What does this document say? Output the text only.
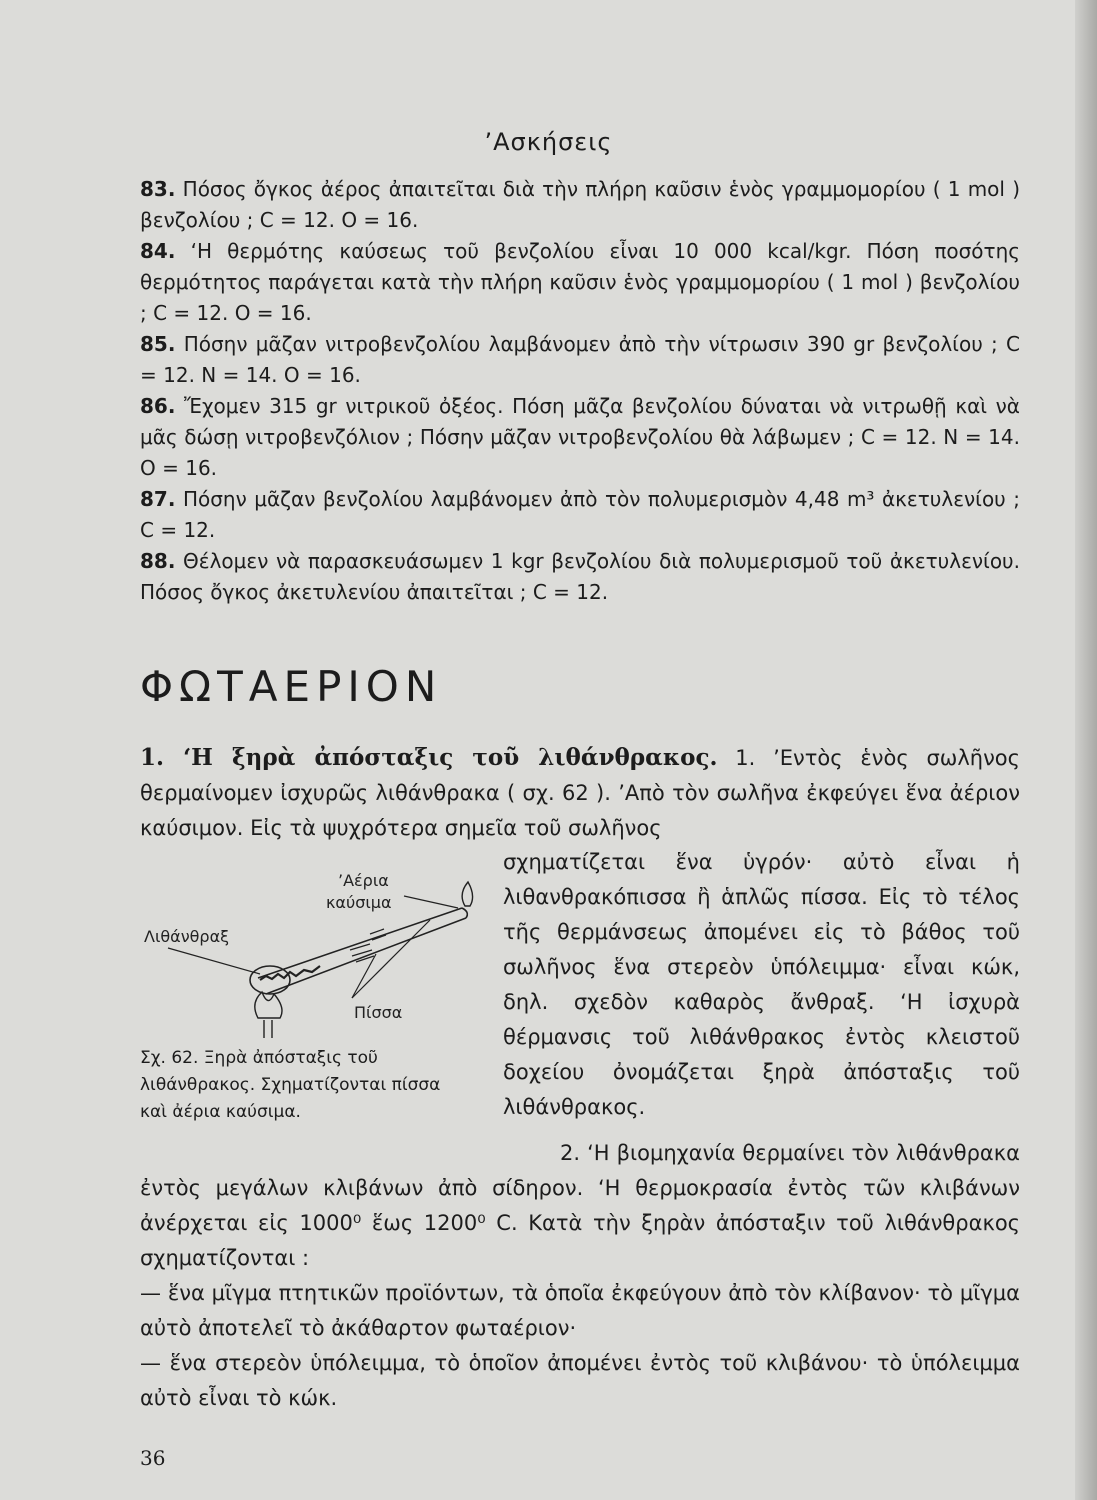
’Ασκήσεις

83. Πόσος ὄγκος ἀέρος ἀπαιτεῖται διὰ τὴν πλήρη καῦσιν ἑνὸς γραμμομορίου ( 1 mol ) βενζολίου ; C = 12. O = 16.

84. ‘Η θερμότης καύσεως τοῦ βενζολίου εἶναι 10 000 kcal/kgr. Πόση ποσότης θερμότητος παράγεται κατὰ τὴν πλήρη καῦσιν ἑνὸς γραμμομορίου ( 1 mol ) βενζολίου ; C = 12. O = 16.

85. Πόσην μᾶζαν νιτροβενζολίου λαμβάνομεν ἀπὸ τὴν νίτρωσιν 390 gr βενζολίου ; C = 12. N = 14. O = 16.

86. Ἔχομεν 315 gr νιτρικοῦ ὀξέος. Πόση μᾶζα βενζολίου δύναται νὰ νιτρωθῇ καὶ νὰ μᾶς δώσῃ νιτροβενζόλιον ; Πόσην μᾶζαν νιτροβενζολίου θὰ λάβωμεν ; C = 12. N = 14. O = 16.

87. Πόσην μᾶζαν βενζολίου λαμβάνομεν ἀπὸ τὸν πολυμερισμὸν 4,48 m³ ἀκετυλενίου ; C = 12.

88. Θέλομεν νὰ παρασκευάσωμεν 1 kgr βενζολίου διὰ πολυμερισμοῦ τοῦ ἀκετυλενίου. Πόσος ὄγκος ἀκετυλενίου ἀπαιτεῖται ; C = 12.

ΦΩΤΑΕΡΙΟΝ
1. ‘Η ξηρὰ ἀπόσταξις τοῦ λιθάνθρακος. 1. ’Εντὸς ἑνὸς σωλῆνος θερμαίνομεν ἰσχυρῶς λιθάνθρακα ( σχ. 62 ). ’Απὸ τὸν σωλῆνα ἐκφεύγει ἕνα ἀέριον καύσιμον. Εἰς τὰ ψυχρότερα σημεῖα τοῦ σωλῆνος
σχηματίζεται ἕνα ὑγρόν· αὐτὸ εἶναι ἡ λιθανθρακόπισσα ἢ ἁπλῶς πίσσα. Εἰς τὸ τέλος τῆς θερμάνσεως ἀπομένει εἰς τὸ βάθος τοῦ σωλῆνος ἕνα στερεὸν ὑπόλειμμα· εἶναι κώκ, δηλ. σχεδὸν καθαρὸς ἄνθραξ. ‘Η ἰσχυρὰ θέρμανσις τοῦ λιθάνθρακος ἐντὸς κλειστοῦ δοχείου ὀνομάζεται ξηρὰ ἀπόσταξις τοῦ λιθάνθρακος.
’Αέρια
καύσιμα
Λιθάνθραξ
Πίσσα
Σχ. 62. Ξηρὰ ἀπόσταξις τοῦ λιθάνθρακος. Σχηματίζονται πίσσα καὶ ἀέρια καύσιμα.
2. ‘Η βιομηχανία θερμαίνει τὸν λιθάνθρακα ἐντὸς μεγάλων κλιβάνων ἀπὸ σίδηρον. ‘Η θερμοκρασία ἐντὸς τῶν κλιβάνων ἀνέρχεται εἰς 1000⁰ ἕως 1200⁰ C. Κατὰ τὴν ξηρὰν ἀπόσταξιν τοῦ λιθάνθρακος σχηματίζονται :
— ἕνα μῖγμα πτητικῶν προϊόντων, τὰ ὁποῖα ἐκφεύγουν ἀπὸ τὸν κλίβανον· τὸ μῖγμα αὐτὸ ἀποτελεῖ τὸ ἀκάθαρτον φωταέριον·
— ἕνα στερεὸν ὑπόλειμμα, τὸ ὁποῖον ἀπομένει ἐντὸς τοῦ κλιβάνου· τὸ ὑπόλειμμα αὐτὸ εἶναι τὸ κώκ.
36
